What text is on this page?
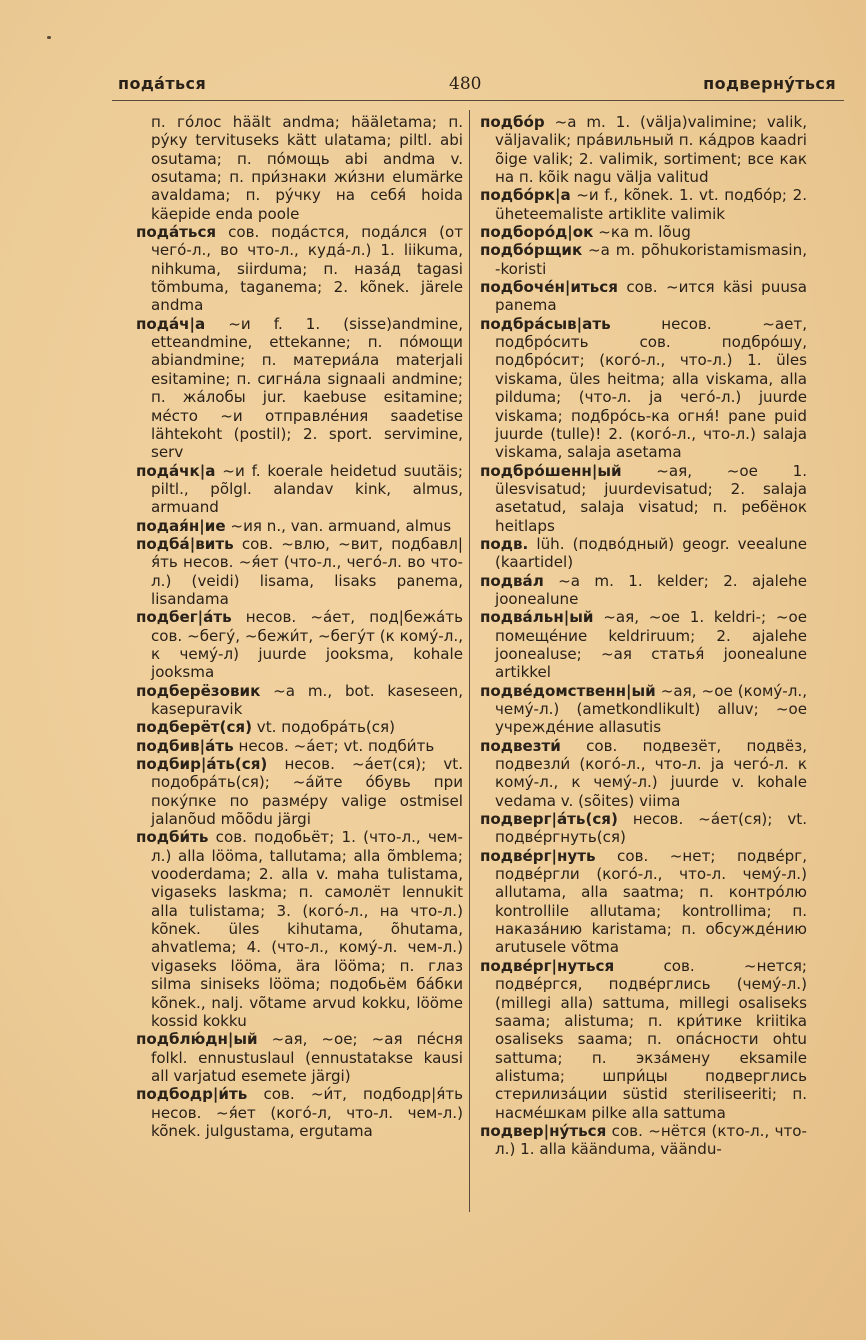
пода́ться	480	подверну́ться
п. го́лос häält andma; hääletama; п. ру́ку tervituseks kätt ulatama; piltl. abi osutama; п. по́мощь abi andma v. osutama; п. при́знаки жи́зни elumärke avaldama; п. ру́чку на себя́ hoida käepide enda poole
пода́ться сов. пода́стся, пода́лся (от чего́-л., во что-л., куда́-л.) 1. liikuma, nihkuma, siirduma; п. наза́д tagasi tõmbuma, taganema; 2. kõnek. järele andma
пода́ч|а ~и f. 1. (sisse)andmine, etteandmine, ettekanne; п. по́мощи abiandmine; п. материа́ла materjali esitamine; п. сигна́ла signaali andmine; п. жа́лобы jur. kaebuse esitamine; ме́сто ~и отправле́ния saadetise lähtekoht (postil); 2. sport. servimine, serv
пода́чк|а ~и f. koerale heidetud suutäis; piltl., põlgl. alandav kink, almus, armuand
подая́н|ие ~ия n., van. armuand, almus
подба́|вить сов. ~влю, ~вит, подбавл|я́ть несов. ~я́ет (что-л., чего́-л. во что-л.) (veidi) lisama, lisaks panema, lisandama
подбег|а́ть несов. ~а́ет, под|бежа́ть сов. ~бегу́, ~бежи́т, ~бегу́т (к кому́-л., к чему́-л) juurde jooksma, kohale jooksma
подберёзовик ~а m., bot. kaseseen, kasepuravik
подберёт(ся) vt. подобра́ть(ся)
подбив|а́ть несов. ~а́ет; vt. подби́ть
подбир|а́ть(ся) несов. ~а́ет(ся); vt. подобра́ть(ся); ~а́йте о́бувь при поку́пке по разме́ру valige ostmisel jalanõud mõõdu järgi
подби́ть сов. подобьёт; 1. (что-л., чем-л.) alla lööma, tallutama; alla õmblema; vooderdama; 2. alla v. maha tulistama, vigaseks laskma; п. самолёт lennukit alla tulistama; 3. (кого́-л., на что-л.) kõnek. üles kihutama, õhutama, ahvatlema; 4. (что-л., кому́-л. чем-л.) vigaseks lööma, ära lööma; п. глаз silma siniseks lööma; подобьём ба́бки kõnek., nalj. võtame arvud kokku, lööme kossid kokku
подблю́дн|ый ~ая, ~ое; ~ая пе́сня folkl. ennustuslaul (ennustatakse kausi all varjatud esemete järgi)
подбодр|и́ть сов. ~и́т, подбодр|я́ть несов. ~я́ет (кого́-л, что-л. чем-л.) kõnek. julgustama, ergutama
подбо́р ~а m. 1. (välja)valimine; valik, väljavalik; пра́вильный п. ка́дров kaadri õige valik; 2. valimik, sortiment; все как на п. kõik nagu välja valitud
подбо́рк|а ~и f., kõnek. 1. vt. подбо́р; 2. üheteemaliste artiklite valimik
подборо́д|ок ~ка m. lõug
подбо́рщик ~а m. põhukoristamismasin, -koristi
подбоче́н|иться сов. ~ится käsi puusa panema
подбра́сыв|ать несов. ~ает, подбро́сить сов. подбро́шу, подбро́сит; (кого́-л., что-л.) 1. üles viskama, üles heitma; alla viskama, alla pilduma; (что-л. ja чего́-л.) juurde viskama; подбро́сь-ка огня́! pane puid juurde (tulle)! 2. (кого́-л., что-л.) salaja viskama, salaja asetama
подбро́шенн|ый ~ая, ~ое 1. ülesvisatud; juurdevisatud; 2. salaja asetatud, salaja visatud; п. ребёнок heitlaps
подв. lüh. (подво́дный) geogr. veealune (kaartidel)
подва́л ~а m. 1. kelder; 2. ajalehe joonealune
подва́льн|ый ~ая, ~ое 1. keldri-; ~ое помеще́ние keldriruum; 2. ajalehe joonealuse; ~ая статья́ joonealune artikkel
подве́домственн|ый ~ая, ~ое (кому́-л., чему́-л.) (ametkondlikult) alluv; ~ое учрежде́ние allasutis
подвезти́ сов. подвезёт, подвёз, подвезли́ (кого́-л., что-л. ja чего́-л. к кому́-л., к чему́-л.) juurde v. kohale vedama v. (sõites) viima
подверг|а́ть(ся) несов. ~а́ет(ся); vt. подве́ргнуть(ся)
подве́рг|нуть сов. ~нет; подве́рг, подве́ргли (кого́-л., что-л. чему́-л.) allutama, alla saatma; п. контро́лю kontrollile allutama; kontrollima; п. наказа́нию karistama; п. обсужде́нию arutusele võtma
подве́рг|нуться сов. ~нется; подве́ргся, подве́рглись (чему́-л.) (millegi alla) sattuma, millegi osaliseks saama; alistuma; п. кри́тике kriitika osaliseks saama; п. опа́сности ohtu sattuma; п. экза́мену eksamile alistuma; шпри́цы подверглись стерилиза́ции süstid steriliseeriti; п. насме́шкам pilke alla sattuma
подвер|ну́ться сов. ~нётся (кто-л., что-л.) 1. alla käänduma, väändu-
